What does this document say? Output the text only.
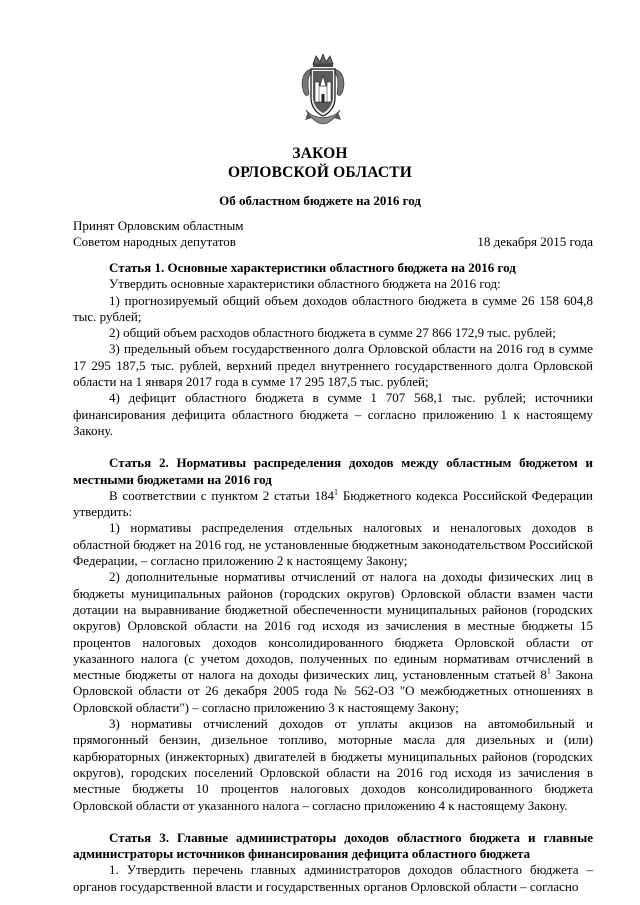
ЗАКОН
ОРЛОВСКОЙ ОБЛАСТИ
Об областном бюджете на 2016 год
Принят Орловским областным
Советом народных депутатов	18 декабря 2015 года

Статья 1. Основные характеристики областного бюджета на 2016 год

Утвердить основные характеристики областного бюджета на 2016 год:

1) прогнозируемый общий объем доходов областного бюджета в сумме 26 158 604,8 тыс. рублей;

2) общий объем расходов областного бюджета в сумме 27 866 172,9 тыс. рублей;

3) предельный объем государственного долга Орловской области на 2016 год в сумме 17 295 187,5 тыс. рублей, верхний предел внутреннего государственного долга Орловской области на 1 января 2017 года в сумме 17 295 187,5 тыс. рублей;

4) дефицит областного бюджета в сумме 1 707 568,1 тыс. рублей; источники финансирования дефицита областного бюджета – согласно приложению 1 к настоящему Закону.

Статья 2. Нормативы распределения доходов между областным бюджетом и местными бюджетами на 2016 год

В соответствии с пунктом 2 статьи $184^1$ Бюджетного кодекса Российской Федерации утвердить:

1) нормативы распределения отдельных налоговых и неналоговых доходов в областной бюджет на 2016 год, не установленные бюджетным законодательством Российской Федерации, – согласно приложению 2 к настоящему Закону;

2) дополнительные нормативы отчислений от налога на доходы физических лиц в бюджеты муниципальных районов (городских округов) Орловской области взамен части дотации на выравнивание бюджетной обеспеченности муниципальных районов (городских округов) Орловской области на 2016 год исходя из зачисления в местные бюджеты 15 процентов налоговых доходов консолидированного бюджета Орловской области от указанного налога (с учетом доходов, полученных по единым нормативам отчислений в местные бюджеты от налога на доходы физических лиц, установленным статьей $8^1$ Закона Орловской области от 26 декабря 2005 года № 562-ОЗ "О межбюджетных отношениях в Орловской области") – согласно приложению 3 к настоящему Закону;

3) нормативы отчислений доходов от уплаты акцизов на автомобильный и прямогонный бензин, дизельное топливо, моторные масла для дизельных и (или) карбюраторных (инжекторных) двигателей в бюджеты муниципальных районов (городских округов), городских поселений Орловской области на 2016 год исходя из зачисления в местные бюджеты 10 процентов налоговых доходов консолидированного бюджета Орловской области от указанного налога – согласно приложению 4 к настоящему Закону.

Статья 3. Главные администраторы доходов областного бюджета и главные администраторы источников финансирования дефицита областного бюджета

1. Утвердить перечень главных администраторов доходов областного бюджета – органов государственной власти и государственных органов Орловской области – согласно
